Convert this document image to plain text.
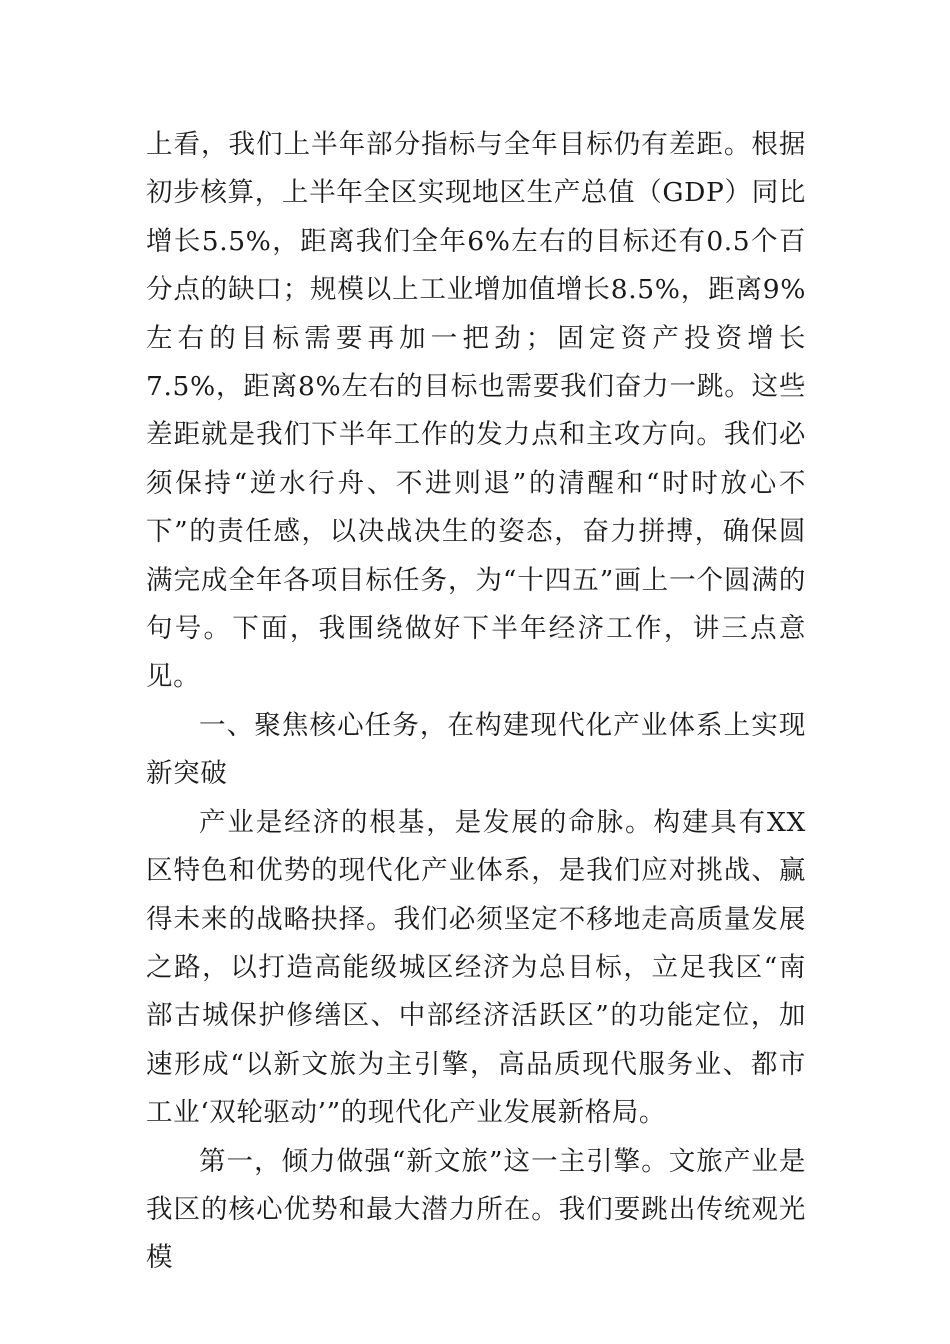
上看，我们上半年部分指标与全年目标仍有差距。根据初步核算，上半年全区实现地区生产总值（GDP）同比增长5.5%，距离我们全年6%左右的目标还有0.5个百分点的缺口；规模以上工业增加值增长8.5%，距离9%左右的目标需要再加一把劲；固定资产投资增长7.5%，距离8%左右的目标也需要我们奋力一跳。这些差距就是我们下半年工作的发力点和主攻方向。我们必须保持“逆水行舟、不进则退”的清醒和“时时放心不下”的责任感，以决战决生的姿态，奋力拼搏，确保圆满完成全年各项目标任务，为“十四五”画上一个圆满的句号。下面，我围绕做好下半年经济工作，讲三点意见。

一、聚焦核心任务，在构建现代化产业体系上实现新突破

产业是经济的根基，是发展的命脉。构建具有XX区特色和优势的现代化产业体系，是我们应对挑战、赢得未来的战略抉择。我们必须坚定不移地走高质量发展之路，以打造高能级城区经济为总目标，立足我区“南部古城保护修缮区、中部经济活跃区”的功能定位，加速形成“以新文旅为主引擎，高品质现代服务业、都市工业‘双轮驱动’”的现代化产业发展新格局。

第一，倾力做强“新文旅”这一主引擎。文旅产业是我区的核心优势和最大潜力所在。我们要跳出传统观光模
